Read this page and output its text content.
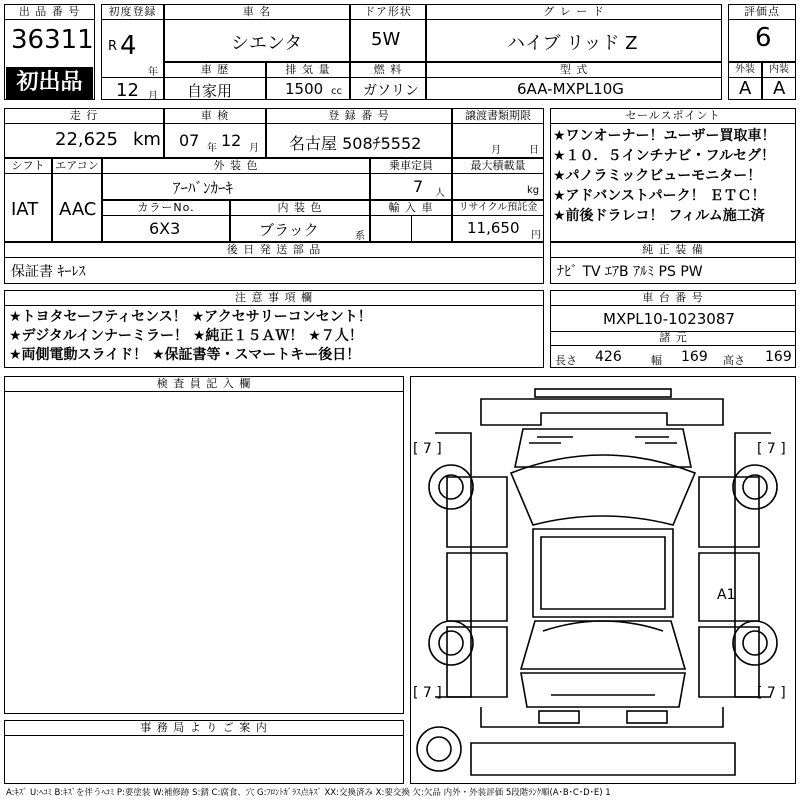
出 品 番 号
36311
初出品
初度登録
R 4
年
12 月
車 名
シエンタ
ドア形状
5W
グ レ ー ド
ハイブ リッド Z
評価点
6
車 歴
自家用
排 気 量
1500 cc
燃 料
ガソリン
型 式
6AA-MXPL10G
外装
A
内装
A
走 行
22,625 km
車 検
07 年 12 月
登 録 番 号
名古屋 508ﾁ5552
譲渡書類期限
月	日
シフト
IAT
エアコン
AAC
外 装 色
ｱｰﾊﾞﾝｶｰｷ
乗車定員
7 人
最大積載量
kg
カラーNo.
6X3
内 装 色
ブラック	系
輸 入 車	リサイクル預託金
11,650 円
後 日 発 送 部 品
保証書 ｷｰﾚｽ
セールスポイント
★ワンオーナー！ユーザー買取車！
★１０．５インチナビ・フルセグ！
★パノラミックビューモニター！
★アドバンストパーク！ ＥＴＣ！
★前後ドラレコ！ フィルム施工済
純 正 装 備
ﾅﾋﾞ TV ｴｱB ｱﾙﾐ PS PW
注 意 事 項 欄
★トヨタセーフティセンス！ ★アクセサリーコンセント！
★デジタルインナーミラー！ ★純正１５ＡＷ！ ★７人！
★両側電動スライド！ ★保証書等・スマートキー後日！
車 台 番 号
MXPL10-1023087
諸 元
長さ 426	幅 169 高さ 169
検 査 員 記 入 欄
事 務 局 よ り ご 案 内
[ 7 ]	[ 7 ]
[ 7 ]	[ 7 ]
A1
A:ｷｽﾞ U:ﾍｺﾐ B:ｷｽﾞを伴うﾍｺﾐ P:要塗装 W:補修跡 S:錆 C:腐食、穴 G:ﾌﾛﾝﾄｶﾞﾗｽ点ｷｽﾞ XX:交換済み X:要交換 欠:欠品 内外・外装評価 5段階ﾗﾝｸ順(A･B･C･D･E) 1
